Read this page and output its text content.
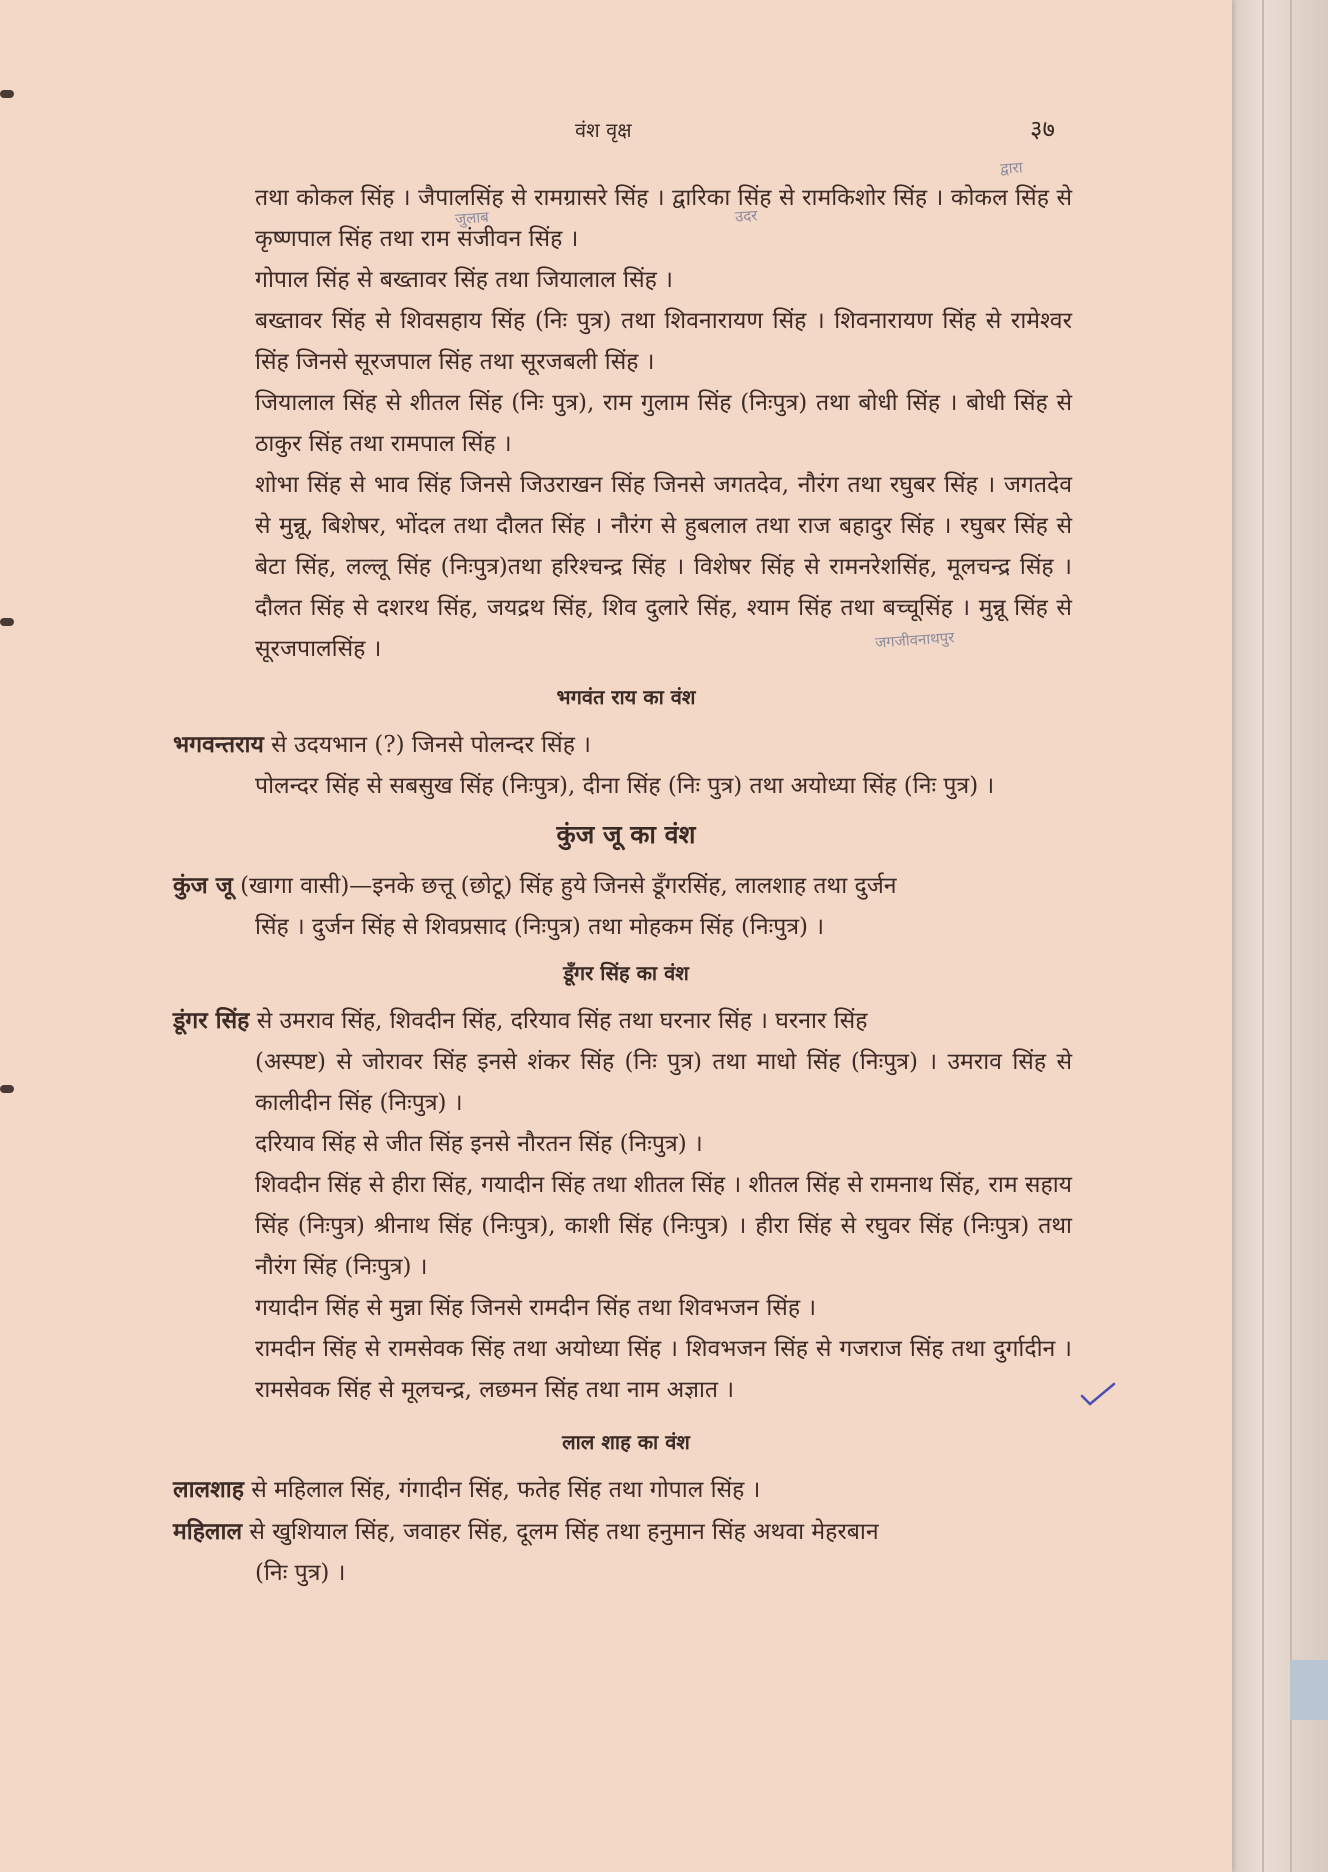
वंश वृक्ष	३७
द्वारा
जुलाब	उदर
जगजीवनाथपुर

तथा कोकल सिंह । जैपालसिंह से रामग्रासरे सिंह । द्वारिका सिंह से रामकिशोर सिंह । कोकल सिंह से कृष्णपाल सिंह तथा राम संजीवन सिंह ।

गोपाल सिंह से बख्तावर सिंह तथा जियालाल सिंह ।

बख्तावर सिंह से शिवसहाय सिंह (निः पुत्र) तथा शिवनारायण सिंह । शिवनारायण सिंह से रामेश्वर सिंह जिनसे सूरजपाल सिंह तथा सूरजबली सिंह ।

जियालाल सिंह से शीतल सिंह (निः पुत्र), राम गुलाम सिंह (निःपुत्र) तथा बोधी सिंह । बोधी सिंह से ठाकुर सिंह तथा रामपाल सिंह ।

शोभा सिंह से भाव सिंह जिनसे जिउराखन सिंह जिनसे जगतदेव, नौरंग तथा रघुबर सिंह । जगतदेव से मुन्नू, बिशेषर, भोंदल तथा दौलत सिंह । नौरंग से हुबलाल तथा राज बहादुर सिंह । रघुबर सिंह से बेटा सिंह, लल्लू सिंह (निःपुत्र)तथा हरिश्चन्द्र सिंह । विशेषर सिंह से रामनरेशसिंह, मूलचन्द्र सिंह । दौलत सिंह से दशरथ सिंह, जयद्रथ सिंह, शिव दुलारे सिंह, श्याम सिंह तथा बच्चूसिंह । मुन्नू सिंह से सूरजपालसिंह ।

भगवंत राय का वंश
भगवन्तराय से उदयभान (?) जिनसे पोलन्दर सिंह ।

पोलन्दर सिंह से सबसुख सिंह (निःपुत्र), दीना सिंह (निः पुत्र) तथा अयोध्या सिंह (निः पुत्र) ।

कुंज जू का वंश
कुंज जू (खागा वासी)—इनके छत्तू (छोटू) सिंह हुये जिनसे डूँगरसिंह, लालशाह तथा दुर्जन
सिंह । दुर्जन सिंह से शिवप्रसाद (निःपुत्र) तथा मोहकम सिंह (निःपुत्र) ।
डूँगर सिंह का वंश
डूंगर सिंह से उमराव सिंह, शिवदीन सिंह, दरियाव सिंह तथा घरनार सिंह । घरनार सिंह
(अस्पष्ट) से जोरावर सिंह इनसे शंकर सिंह (निः पुत्र) तथा माधो सिंह (निःपुत्र) । उमराव सिंह से कालीदीन सिंह (निःपुत्र) ।

दरियाव सिंह से जीत सिंह इनसे नौरतन सिंह (निःपुत्र) ।

शिवदीन सिंह से हीरा सिंह, गयादीन सिंह तथा शीतल सिंह । शीतल सिंह से रामनाथ सिंह, राम सहाय सिंह (निःपुत्र) श्रीनाथ सिंह (निःपुत्र), काशी सिंह (निःपुत्र) । हीरा सिंह से रघुवर सिंह (निःपुत्र) तथा नौरंग सिंह (निःपुत्र) ।

गयादीन सिंह से मुन्ना सिंह जिनसे रामदीन सिंह तथा शिवभजन सिंह ।

रामदीन सिंह से रामसेवक सिंह तथा अयोध्या सिंह । शिवभजन सिंह से गजराज सिंह तथा दुर्गादीन । रामसेवक सिंह से मूलचन्द्र, लछमन सिंह तथा नाम अज्ञात ।

लाल शाह का वंश
लालशाह से महिलाल सिंह, गंगादीन सिंह, फतेह सिंह तथा गोपाल सिंह ।
महिलाल से खुशियाल सिंह, जवाहर सिंह, दूलम सिंह तथा हनुमान सिंह अथवा मेहरबान
(निः पुत्र) ।
